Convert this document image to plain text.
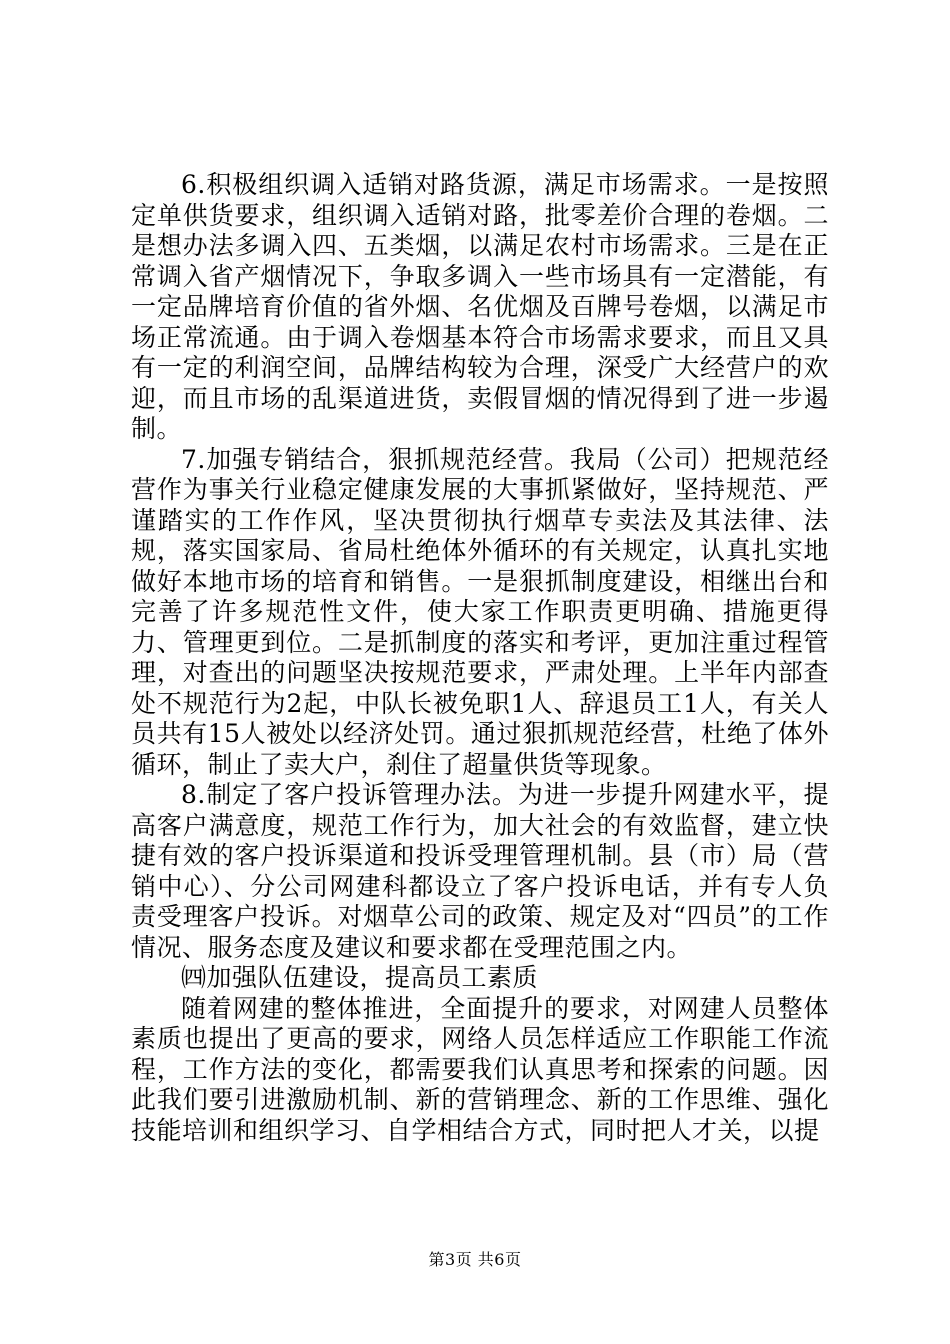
6.积极组织调入适销对路货源，满足市场需求。一是按照定单供货要求，组织调入适销对路，批零差价合理的卷烟。二是想办法多调入四、五类烟，以满足农村市场需求。三是在正常调入省产烟情况下，争取多调入一些市场具有一定潜能，有一定品牌培育价值的省外烟、名优烟及百牌号卷烟，以满足市场正常流通。由于调入卷烟基本符合市场需求要求，而且又具有一定的利润空间，品牌结构较为合理，深受广大经营户的欢迎，而且市场的乱渠道进货，卖假冒烟的情况得到了进一步遏制。

7.加强专销结合，狠抓规范经营。我局（公司）把规范经营作为事关行业稳定健康发展的大事抓紧做好，坚持规范、严谨踏实的工作作风，坚决贯彻执行烟草专卖法及其法律、法规，落实国家局、省局杜绝体外循环的有关规定，认真扎实地做好本地市场的培育和销售。一是狠抓制度建设，相继出台和完善了许多规范性文件，使大家工作职责更明确、措施更得力、管理更到位。二是抓制度的落实和考评，更加注重过程管理，对查出的问题坚决按规范要求，严肃处理。上半年内部查处不规范行为2起，中队长被免职1人、辞退员工1人，有关人员共有15人被处以经济处罚。通过狠抓规范经营，杜绝了体外循环，制止了卖大户，刹住了超量供货等现象。

8.制定了客户投诉管理办法。为进一步提升网建水平，提高客户满意度，规范工作行为，加大社会的有效监督，建立快捷有效的客户投诉渠道和投诉受理管理机制。县（市）局（营销中心）、分公司网建科都设立了客户投诉电话，并有专人负责受理客户投诉。对烟草公司的政策、规定及对“四员”的工作情况、服务态度及建议和要求都在受理范围之内。

㈣加强队伍建设，提高员工素质

随着网建的整体推进，全面提升的要求，对网建人员整体素质也提出了更高的要求，网络人员怎样适应工作职能工作流程，工作方法的变化，都需要我们认真思考和探索的问题。因此我们要引进激励机制、新的营销理念、新的工作思维、强化技能培训和组织学习、自学相结合方式，同时把人才关，以提

第3页 共6页
